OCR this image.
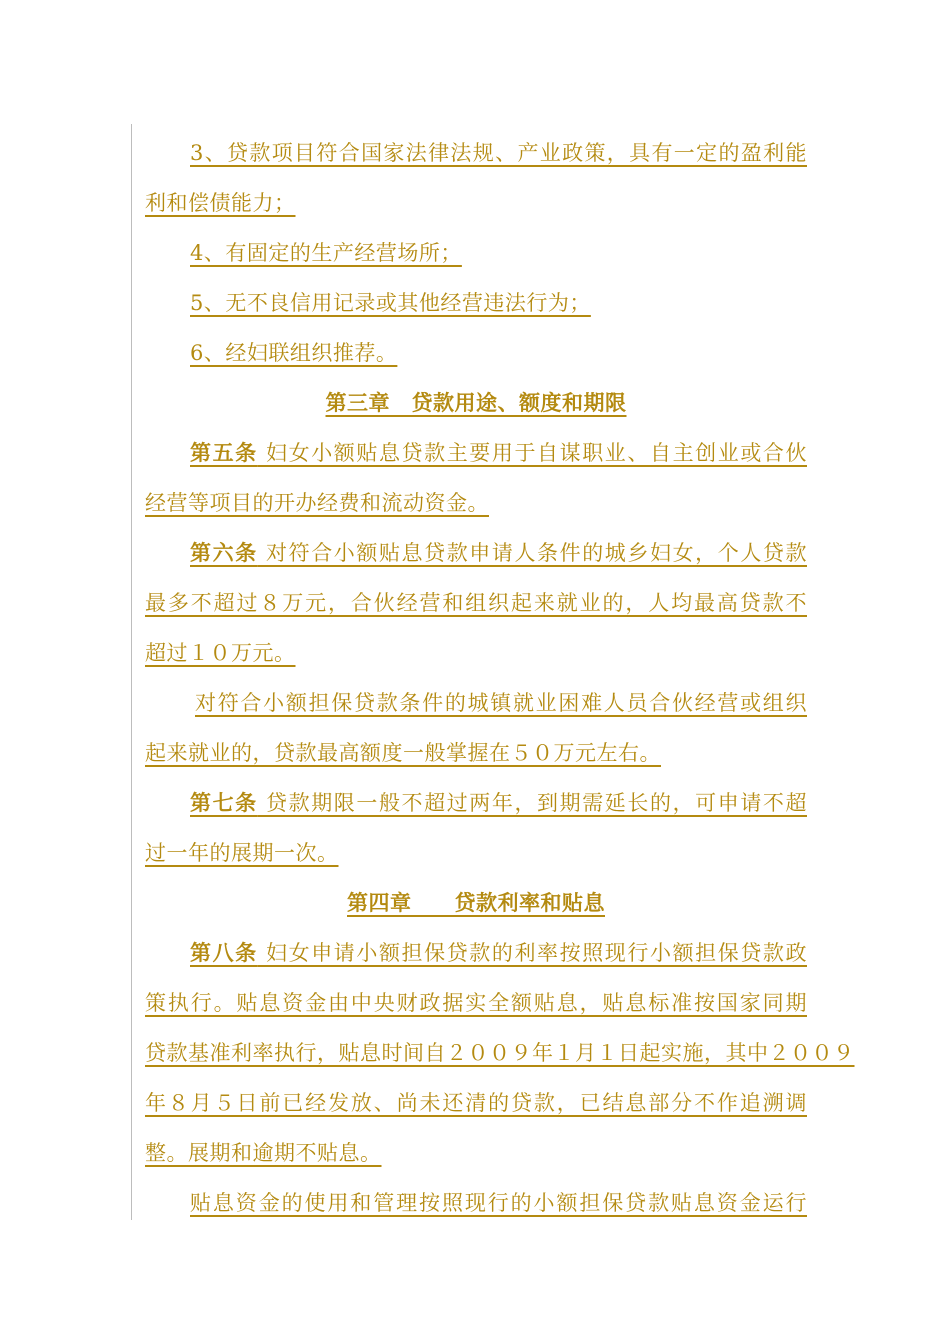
3、贷款项目符合国家法律法规、产业政策，具有一定的盈利能
利和偿债能力；
4、有固定的生产经营场所；
5、无不良信用记录或其他经营违法行为；
6、经妇联组织推荐。
第三章　贷款用途、额度和期限
第五条 妇女小额贴息贷款主要用于自谋职业、自主创业或合伙
经营等项目的开办经费和流动资金。
第六条 对符合小额贴息贷款申请人条件的城乡妇女，个人贷款
最多不超过８万元，合伙经营和组织起来就业的，人均最高贷款不
超过１０万元。
对符合小额担保贷款条件的城镇就业困难人员合伙经营或组织
起来就业的，贷款最高额度一般掌握在５０万元左右。
第七条 贷款期限一般不超过两年，到期需延长的，可申请不超
过一年的展期一次。
第四章　　贷款利率和贴息
第八条 妇女申请小额担保贷款的利率按照现行小额担保贷款政
策执行。贴息资金由中央财政据实全额贴息，贴息标准按国家同期
贷款基准利率执行，贴息时间自２００９年１月１日起实施，其中２００９
年８月５日前已经发放、尚未还清的贷款，已结息部分不作追溯调
整。展期和逾期不贴息。
贴息资金的使用和管理按照现行的小额担保贷款贴息资金运行
